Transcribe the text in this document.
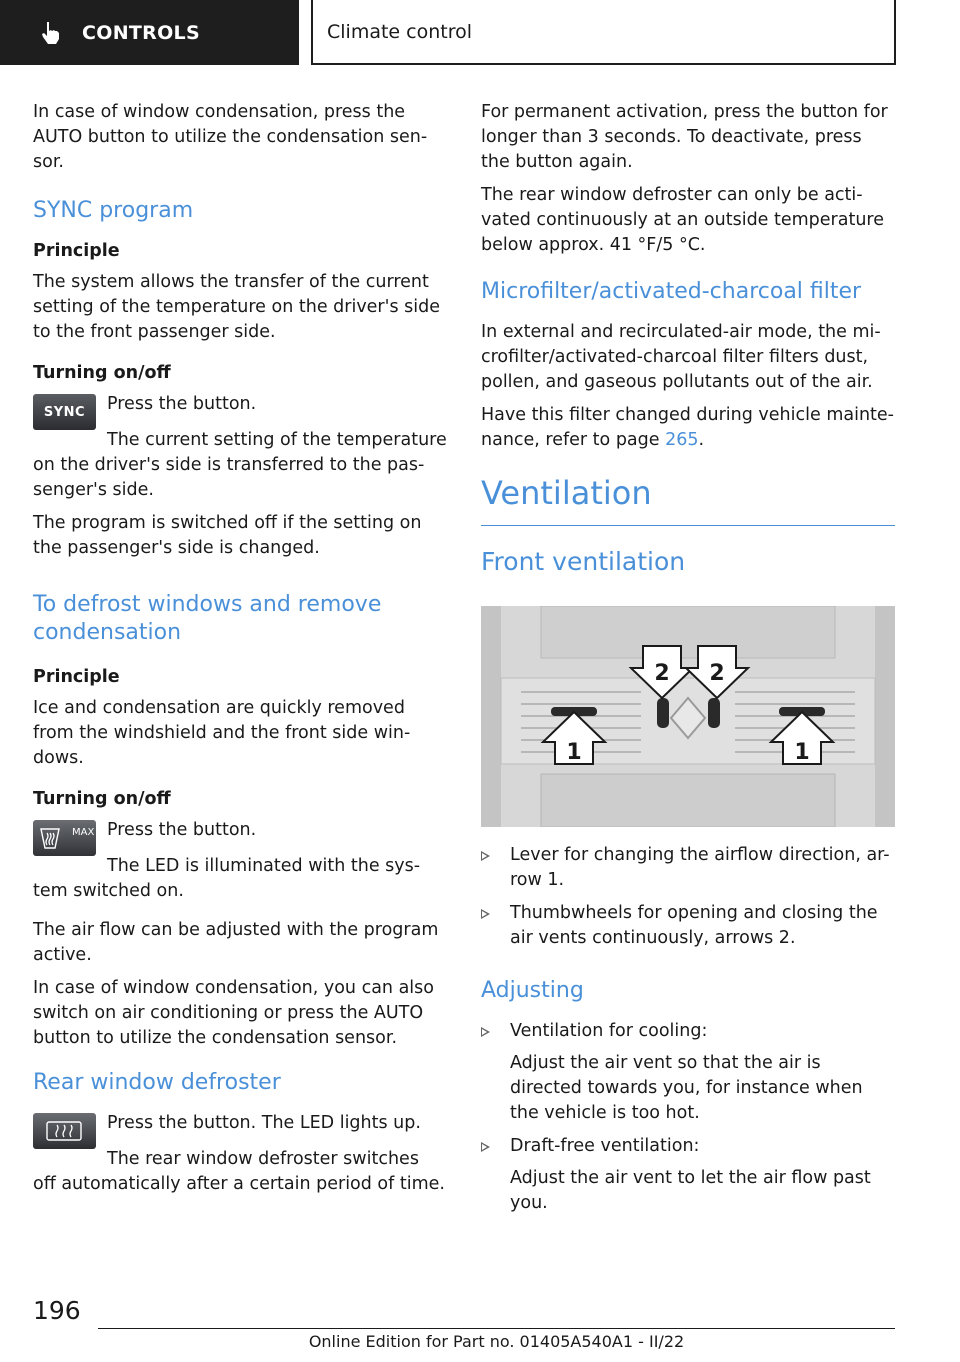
CONTROLS	Climate control

In case of window condensation, press the AUTO button to utilize the condensation sen-sor.

SYNC program
Principle

The system allows the transfer of the current setting of the temperature on the driver's side to the front passenger side.

Turning on/off
SYNC	Press the button.

The current setting of the temperature on the driver's side is transferred to the pas-senger's side.

The program is switched off if the setting on the passenger's side is changed.

To defrost windows and remove condensation
Principle

Ice and condensation are quickly removed from the windshield and the front side win-dows.

Turning on/off
MAX Press the button.

The LED is illuminated with the sys-tem switched on.

The air flow can be adjusted with the program active.

In case of window condensation, you can also switch on air conditioning or press the AUTO button to utilize the condensation sensor.

Rear window defroster

Press the button. The LED lights up.

The rear window defroster switches off automatically after a certain period of time.

For permanent activation, press the button for longer than 3 seconds. To deactivate, press the button again.

The rear window defroster can only be acti-vated continuously at an outside temperature below approx. 41 °F/5 °C.

Microfilter/activated-charcoal filter

In external and recirculated-air mode, the mi-crofilter/activated-charcoal filter filters dust, pollen, and gaseous pollutants out of the air.

Have this filter changed during vehicle mainte-nance, refer to page 265.

Ventilation
Front ventilation
2 2
1	1
Lever for changing the airflow direction, ar-row 1.
Thumbwheels for opening and closing the air vents continuously, arrows 2.
Adjusting
Ventilation for cooling:
Adjust the air vent so that the air is directed towards you, for instance when the vehicle is too hot.
Draft-free ventilation:
Adjust the air vent to let the air flow past you.
196
Online Edition for Part no. 01405A540A1 - II/22
